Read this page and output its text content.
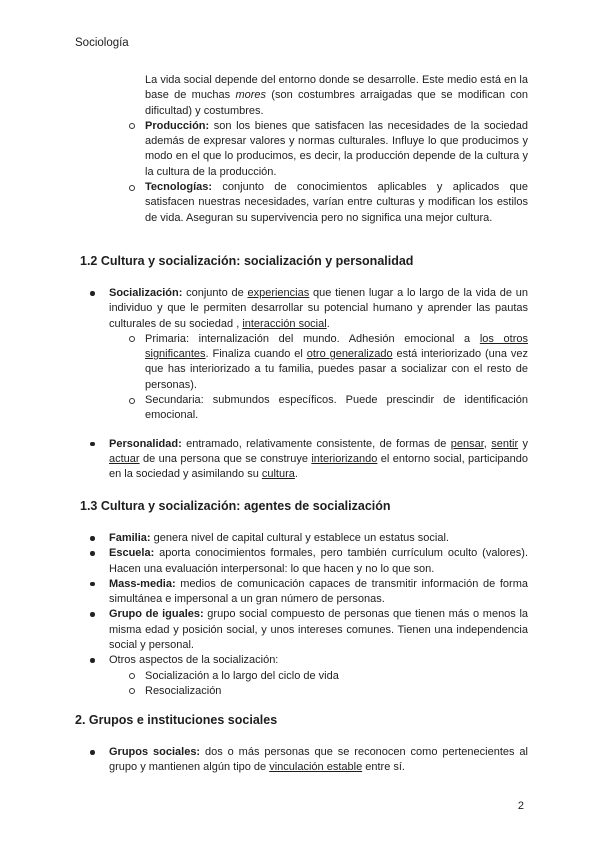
Sociología
La vida social depende del entorno donde se desarrolle. Este medio está en la base de muchas mores (son costumbres arraigadas que se modifican con dificultad) y costumbres.
Producción: son los bienes que satisfacen las necesidades de la sociedad además de expresar valores y normas culturales. Influye lo que producimos y modo en el que lo producimos, es decir, la producción depende de la cultura y la cultura de la producción.
Tecnologías: conjunto de conocimientos aplicables y aplicados que satisfacen nuestras necesidades, varían entre culturas y modifican los estilos de vida. Aseguran su supervivencia pero no significa una mejor cultura.
1.2 Cultura y socialización: socialización y personalidad
Socialización: conjunto de experiencias que tienen lugar a lo largo de la vida de un individuo y que le permiten desarrollar su potencial humano y aprender las pautas culturales de su sociedad , interacción social.
Primaria: internalización del mundo. Adhesión emocional a los otros significantes. Finaliza cuando el otro generalizado está interiorizado (una vez que has interiorizado a tu familia, puedes pasar a socializar con el resto de personas).
Secundaria: submundos específicos. Puede prescindir de identificación emocional.
Personalidad: entramado, relativamente consistente, de formas de pensar, sentir y actuar de una persona que se construye interiorizando el entorno social, participando en la sociedad y asimilando su cultura.
1.3 Cultura y socialización: agentes de socialización
Familia: genera nivel de capital cultural y establece un estatus social.
Escuela: aporta conocimientos formales, pero también currículum oculto (valores). Hacen una evaluación interpersonal: lo que hacen y no lo que son.
Mass-media: medios de comunicación capaces de transmitir información de forma simultánea e impersonal a un gran número de personas.
Grupo de iguales: grupo social compuesto de personas que tienen más o menos la misma edad y posición social, y unos intereses comunes. Tienen una independencia social y personal.
Otros aspectos de la socialización:
Socialización a lo largo del ciclo de vida
Resocialización
2. Grupos e instituciones sociales
Grupos sociales: dos o más personas que se reconocen como pertenecientes al grupo y mantienen algún tipo de vinculación estable entre sí.
2
